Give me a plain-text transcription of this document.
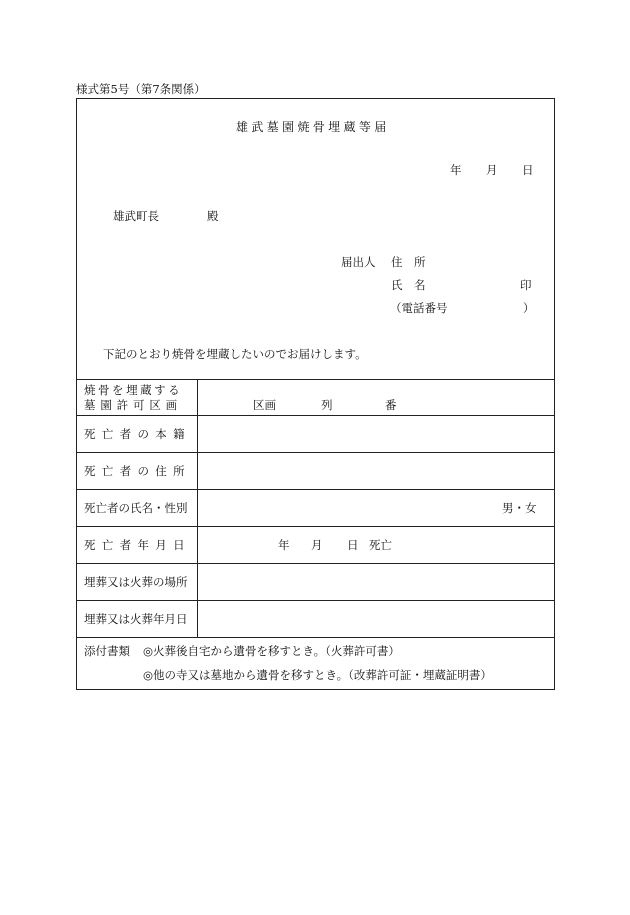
様式第5号（第7条関係）
雄武墓園焼骨埋蔵等届
年 月 日
雄武町長	殿
届出人 住　所
氏　名	印
（電話番号	）
下記のとおり焼骨を埋蔵したいのでお届けします。
焼骨を埋蔵する
墓園許可区画	区画	列	番
死亡者の本籍
死亡者の住所
死亡者の氏名・性別	男・女
死亡者年月日	年 月 日 死亡
埋葬又は火葬の場所
埋葬又は火葬年月日
添付書類 ◎火葬後自宅から遺骨を移すとき。（火葬許可書）
◎他の寺又は墓地から遺骨を移すとき。（改葬許可証・埋蔵証明書）
